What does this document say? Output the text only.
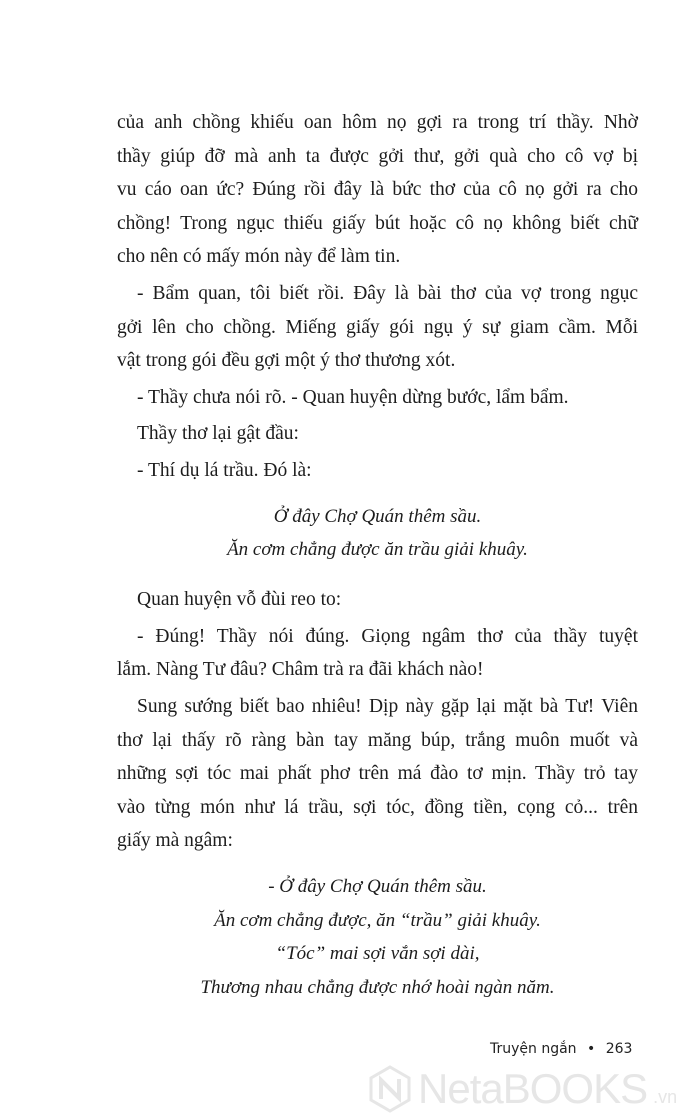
của anh chồng khiếu oan hôm nọ gợi ra trong trí thầy. Nhờ
thầy giúp đỡ mà anh ta được gởi thư, gởi quà cho cô vợ bị
vu cáo oan ức? Đúng rồi đây là bức thơ của cô nọ gởi ra cho
chồng! Trong ngục thiếu giấy bút hoặc cô nọ không biết chữ
cho nên có mấy món này để làm tin.
- Bẩm quan, tôi biết rồi. Đây là bài thơ của vợ trong ngục
gởi lên cho chồng. Miếng giấy gói ngụ ý sự giam cầm. Mỗi
vật trong gói đều gợi một ý thơ thương xót.
- Thầy chưa nói rõ. - Quan huyện dừng bước, lẩm bẩm.
Thầy thơ lại gật đầu:
- Thí dụ lá trầu. Đó là:
Ở đây Chợ Quán thêm sầu.
Ăn cơm chẳng được ăn trầu giải khuây.
Quan huyện vỗ đùi reo to:
- Đúng! Thầy nói đúng. Giọng ngâm thơ của thầy tuyệt
lắm. Nàng Tư đâu? Châm trà ra đãi khách nào!
Sung sướng biết bao nhiêu! Dịp này gặp lại mặt bà Tư! Viên
thơ lại thấy rõ ràng bàn tay măng búp, trắng muôn muốt và
những sợi tóc mai phất phơ trên má đào tơ mịn. Thầy trỏ tay
vào từng món như lá trầu, sợi tóc, đồng tiền, cọng cỏ... trên
giấy mà ngâm:
- Ở đây Chợ Quán thêm sầu.
Ăn cơm chẳng được, ăn “trầu” giải khuây.
“Tóc” mai sợi vắn sợi dài,
Thương nhau chẳng được nhớ hoài ngàn năm.
Truyện ngắn • 263
NetaBOOKS .vn
